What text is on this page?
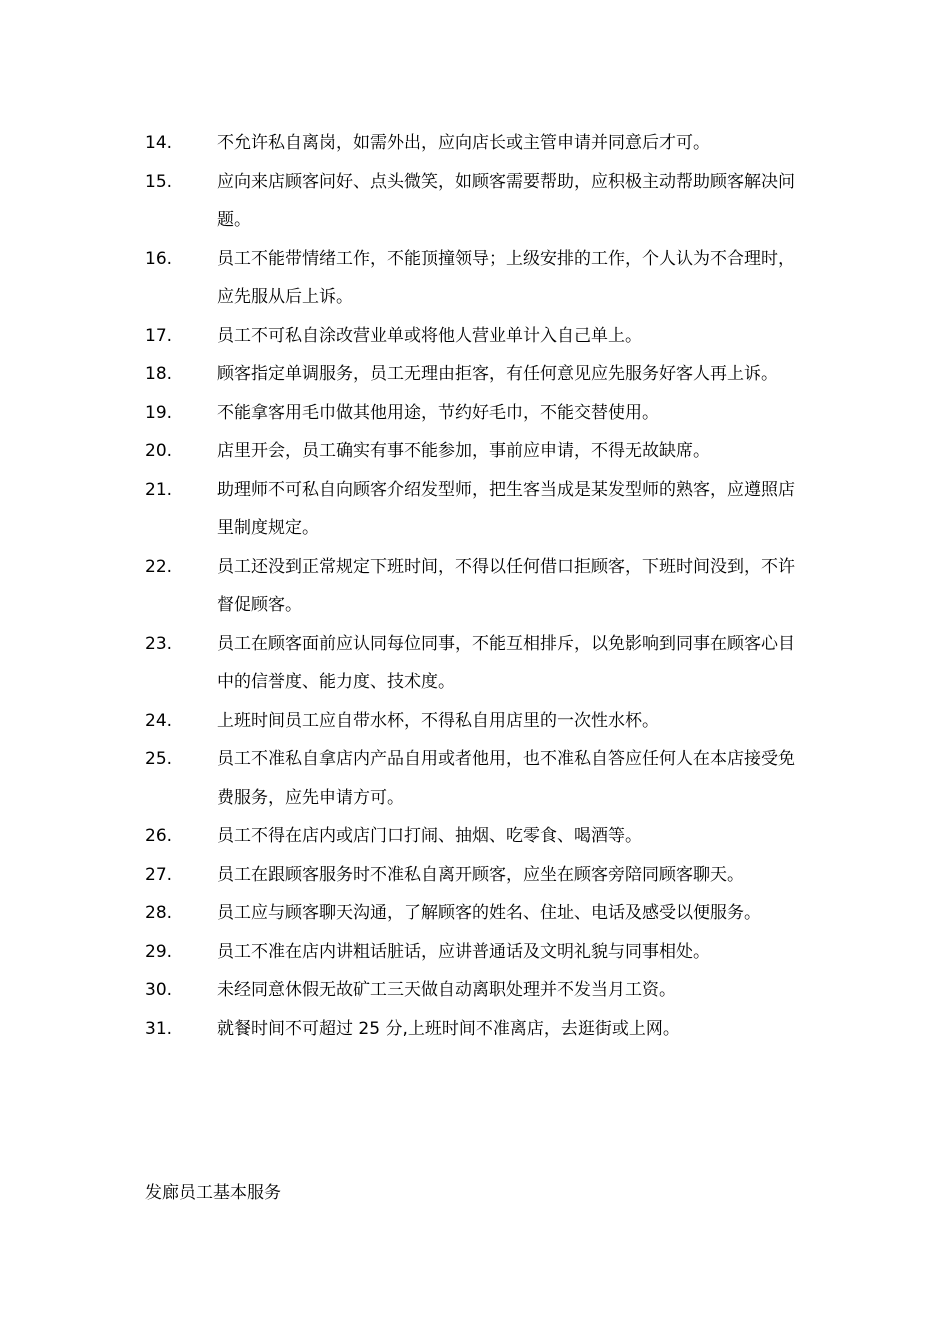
14.	不允许私自离岗，如需外出，应向店长或主管申请并同意后才可。
15.	应向来店顾客问好、点头微笑，如顾客需要帮助，应积极主动帮助顾客解决问题。
16.	员工不能带情绪工作，不能顶撞领导；上级安排的工作，个人认为不合理时，应先服从后上诉。
17.	员工不可私自涂改营业单或将他人营业单计入自己单上。
18.	顾客指定单调服务，员工无理由拒客，有任何意见应先服务好客人再上诉。
19.	不能拿客用毛巾做其他用途，节约好毛巾，不能交替使用。
20.	店里开会，员工确实有事不能参加，事前应申请，不得无故缺席。
21.	助理师不可私自向顾客介绍发型师，把生客当成是某发型师的熟客，应遵照店里制度规定。
22.	员工还没到正常规定下班时间，不得以任何借口拒顾客，下班时间没到，不许督促顾客。
23.	员工在顾客面前应认同每位同事，不能互相排斥，以免影响到同事在顾客心目中的信誉度、能力度、技术度。
24.	上班时间员工应自带水杯，不得私自用店里的一次性水杯。
25.	员工不准私自拿店内产品自用或者他用，也不准私自答应任何人在本店接受免费服务，应先申请方可。
26.	员工不得在店内或店门口打闹、抽烟、吃零食、喝酒等。
27.	员工在跟顾客服务时不准私自离开顾客，应坐在顾客旁陪同顾客聊天。
28.	员工应与顾客聊天沟通，了解顾客的姓名、住址、电话及感受以便服务。
29.	员工不准在店内讲粗话脏话，应讲普通话及文明礼貌与同事相处。
30.	未经同意休假无故矿工三天做自动离职处理并不发当月工资。
31.	就餐时间不可超过 25 分,上班时间不准离店，去逛街或上网。
发廊员工基本服务
